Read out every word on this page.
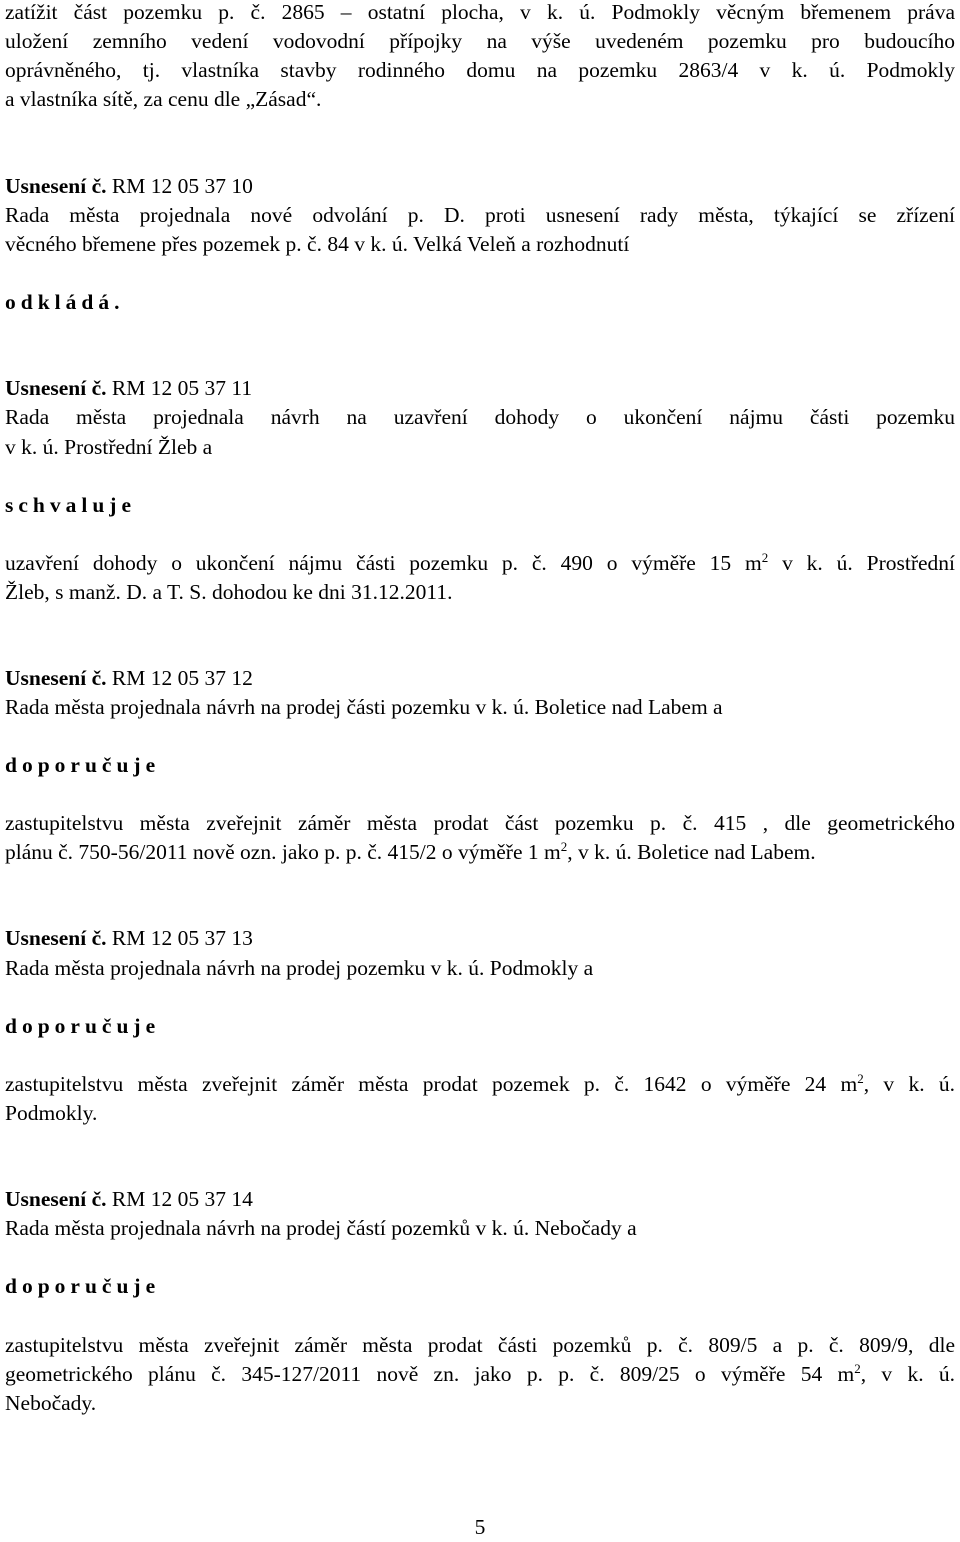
zatížit část pozemku p. č. 2865 – ostatní plocha, v k. ú. Podmokly věcným břemenem práva
uložení zemního vedení vodovodní přípojky na výše uvedeném pozemku pro budoucího
oprávněného, tj. vlastníka stavby rodinného domu na pozemku 2863/4 v k. ú. Podmokly
a vlastníka sítě, za cenu dle „Zásad“.
Usnesení č. RM 12 05 37 10
Rada města projednala nové odvolání p. D. proti usnesení rady města, týkající se zřízení
věcného břemene přes pozemek p. č. 84 v k. ú. Velká Veleň a rozhodnutí
odkládá.
Usnesení č. RM 12 05 37 11
Rada města projednala návrh na uzavření dohody o ukončení nájmu části pozemku
v k. ú. Prostřední Žleb a
schvaluje
uzavření dohody o ukončení nájmu části pozemku p. č. 490 o výměře 15 $m^2$ v k. ú. Prostřední
Žleb, s manž. D. a T. S. dohodou ke dni 31.12.2011.
Usnesení č. RM 12 05 37 12
Rada města projednala návrh na prodej části pozemku v k. ú. Boletice nad Labem a
doporučuje
zastupitelstvu města zveřejnit záměr města prodat část pozemku p. č. 415 , dle geometrického
plánu č. 750-56/2011 nově ozn. jako p. p. č. 415/2 o výměře 1 $m^2$, v k. ú. Boletice nad Labem.
Usnesení č. RM 12 05 37 13
Rada města projednala návrh na prodej pozemku v k. ú. Podmokly a
doporučuje
zastupitelstvu města zveřejnit záměr města prodat pozemek p. č. 1642 o výměře 24 $m^2$, v k. ú.
Podmokly.
Usnesení č. RM 12 05 37 14
Rada města projednala návrh na prodej částí pozemků v k. ú. Nebočady a
doporučuje
zastupitelstvu města zveřejnit záměr města prodat části pozemků p. č. 809/5 a p. č. 809/9, dle
geometrického plánu č. 345-127/2011 nově zn. jako p. p. č. 809/25 o výměře 54 $m^2$, v k. ú.
Nebočady.
5
